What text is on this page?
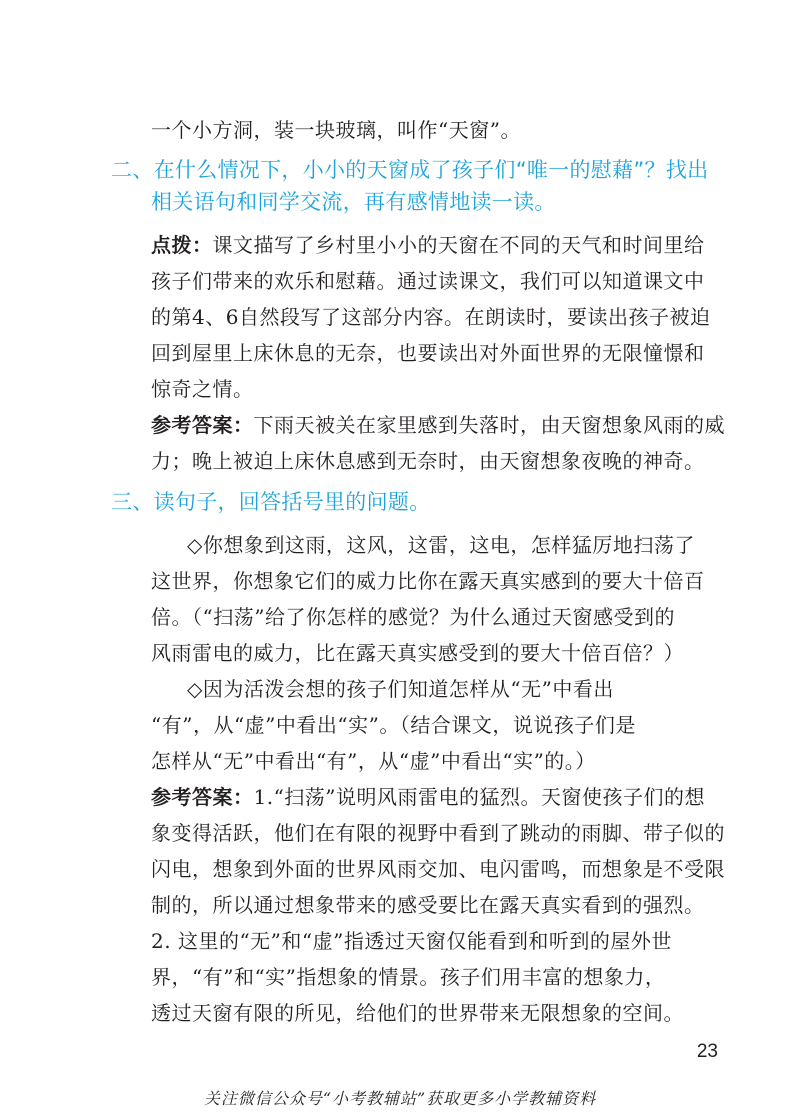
一个小方洞，装一块玻璃，叫作“天窗”。
二、在什么情况下，小小的天窗成了孩子们“唯一的慰藉”？找出
相关语句和同学交流，再有感情地读一读。
点拨：课文描写了乡村里小小的天窗在不同的天气和时间里给
孩子们带来的欢乐和慰藉。通过读课文，我们可以知道课文中
的第4、6自然段写了这部分内容。在朗读时，要读出孩子被迫
回到屋里上床休息的无奈，也要读出对外面世界的无限憧憬和
惊奇之情。
参考答案：下雨天被关在家里感到失落时，由天窗想象风雨的威
力；晚上被迫上床休息感到无奈时，由天窗想象夜晚的神奇。
三、读句子，回答括号里的问题。
◇你想象到这雨，这风，这雷，这电，怎样猛厉地扫荡了
这世界，你想象它们的威力比你在露天真实感到的要大十倍百
倍。（“扫荡”给了你怎样的感觉？为什么通过天窗感受到的
风雨雷电的威力，比在露天真实感受到的要大十倍百倍？）
◇因为活泼会想的孩子们知道怎样从“无”中看出
“有”，从“虚”中看出“实”。（结合课文，说说孩子们是
怎样从“无”中看出“有”，从“虚”中看出“实”的。）
参考答案：1.“扫荡”说明风雨雷电的猛烈。天窗使孩子们的想
象变得活跃，他们在有限的视野中看到了跳动的雨脚、带子似的
闪电，想象到外面的世界风雨交加、电闪雷鸣，而想象是不受限
制的，所以通过想象带来的感受要比在露天真实看到的强烈。
2. 这里的“无”和“虚”指透过天窗仅能看到和听到的屋外世
界，“有”和“实”指想象的情景。孩子们用丰富的想象力，
透过天窗有限的所见，给他们的世界带来无限想象的空间。
23
关注微信公众号“小考教辅站”获取更多小学教辅资料
